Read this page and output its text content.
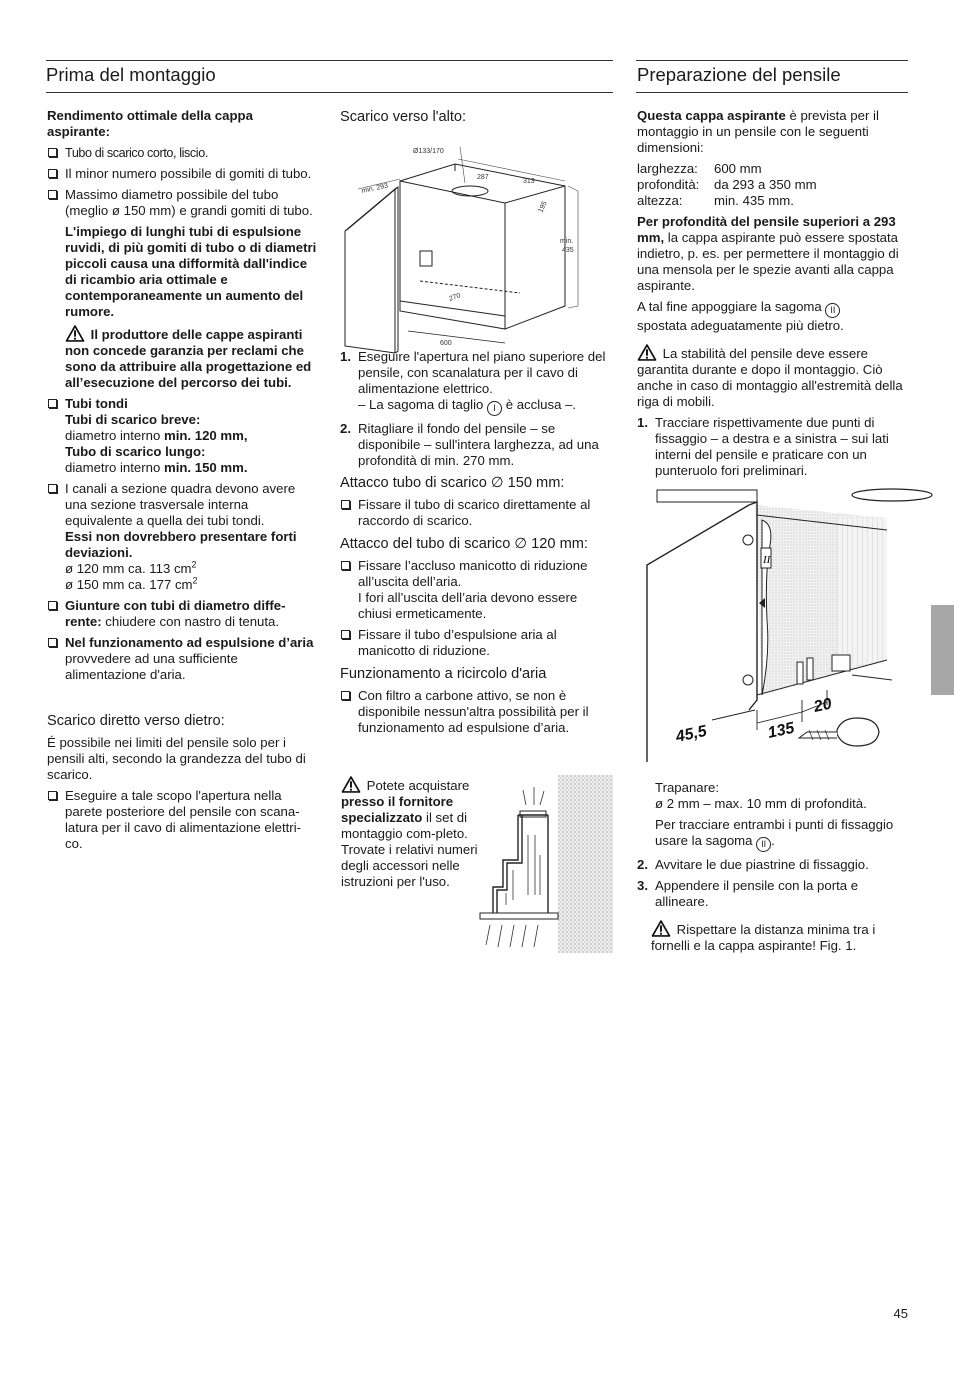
Prima del montaggio	Preparazione del pensile

Rendimento ottimale della cappa aspirante:

Tubo di scarico corto, liscio.
Il minor numero possibile di gomiti di tubo.
Massimo diametro possibile del tubo (meglio ø 150 mm) e grandi gomiti di tubo.
L'impiego di lunghi tubi di espulsione ruvidi, di più gomiti di tubo o di diametri piccoli causa una difformità dall'indice di ricambio aria ottimale e contemporaneamente un aumento del rumore.
Il produttore delle cappe aspiranti non concede garanzia per reclami che sono da attribuire alla progettazione ed all’esecuzione del percorso dei tubi.
Tubi tondi
Tubi di scarico breve:
diametro interno min. 120 mm,
Tubo di scarico lungo:
diametro interno min. 150 mm.
I canali a sezione quadra devono avere una sezione trasversale interna equivalente a quella dei tubi tondi.
Essi non dovrebbero presentare forti deviazioni.
ø 120 mm ca. 113 $cm^2$
ø 150 mm ca. 177 $cm^2$
Giunture con tubi di diametro diffe-rente: chiudere con nastro di tenuta.
Nel funzionamento ad espulsione d’aria provvedere ad una sufficiente alimentazione d'aria.
Scarico diretto verso dietro:

É possibile nei limiti del pensile solo per i pensili alti, secondo la grandezza del tubo di scarico.

Eseguire a tale scopo l'apertura nella parete posteriore del pensile con scana-latura per il cavo di alimentazione elettri-co.
Scarico verso l'alto:
Ø133/170
287
313
min. 293
195
min.
435
270
600
1. Eseguire l'apertura nel piano superiore del pensile, con scanalatura per il cavo di alimentazione elettrico.
– La sagoma di taglio I è acclusa –.
2. Ritagliare il fondo del pensile – se disponibile – sull'intera larghezza, ad una profondità di min. 270 mm.
Attacco tubo di scarico ∅ 150 mm:
Fissare il tubo di scarico direttamente al raccordo di scarico.
Attacco del tubo di scarico ∅ 120 mm:
Fissare l’accluso manicotto di riduzione all’uscita dell’aria.
I fori all’uscita dell’aria devono essere chiusi ermeticamente.
Fissare il tubo d’espulsione aria al manicotto di riduzione.
Funzionamento a ricircolo d'aria
Con filtro a carbone attivo, se non è disponibile nessun'altra possibilità per il funzionamento ad espulsione d’aria.
Potete acquistare presso il fornitore specializzato il set di montaggio com-pleto.
Trovate i relativi numeri degli accessori nelle istruzioni per l'uso.

Questa cappa aspirante è prevista per il montaggio in un pensile con le seguenti dimensioni:

larghezza:	600 mm
profondità:	da 293 a 350 mm
altezza:	min. 435 mm.

Per profondità del pensile superiori a 293 mm, la cappa aspirante può essere spostata indietro, p. es. per permettere il montaggio di una mensola per le spezie avanti alla cappa aspirante.

A tal fine appoggiare la sagoma II
spostata adeguatamente più dietro.

La stabilità del pensile deve essere garantita durante e dopo il montaggio. Ciò anche in caso di montaggio all'estremità della riga di mobili.

1. Tracciare rispettivamente due punti di fissaggio – a destra e a sinistra – sui lati interni del pensile e praticare con un punteruolo fori preliminari.
II
45,5	135
20
Trapanare:
ø 2 mm – max. 10 mm di profondità.
Per tracciare entrambi i punti di fissaggio usare la sagoma II .
2. Avvitare le due piastrine di fissaggio.
3. Appendere il pensile con la porta e allineare.
Rispettare la distanza minima tra i fornelli e la cappa aspirante! Fig. 1.
45
